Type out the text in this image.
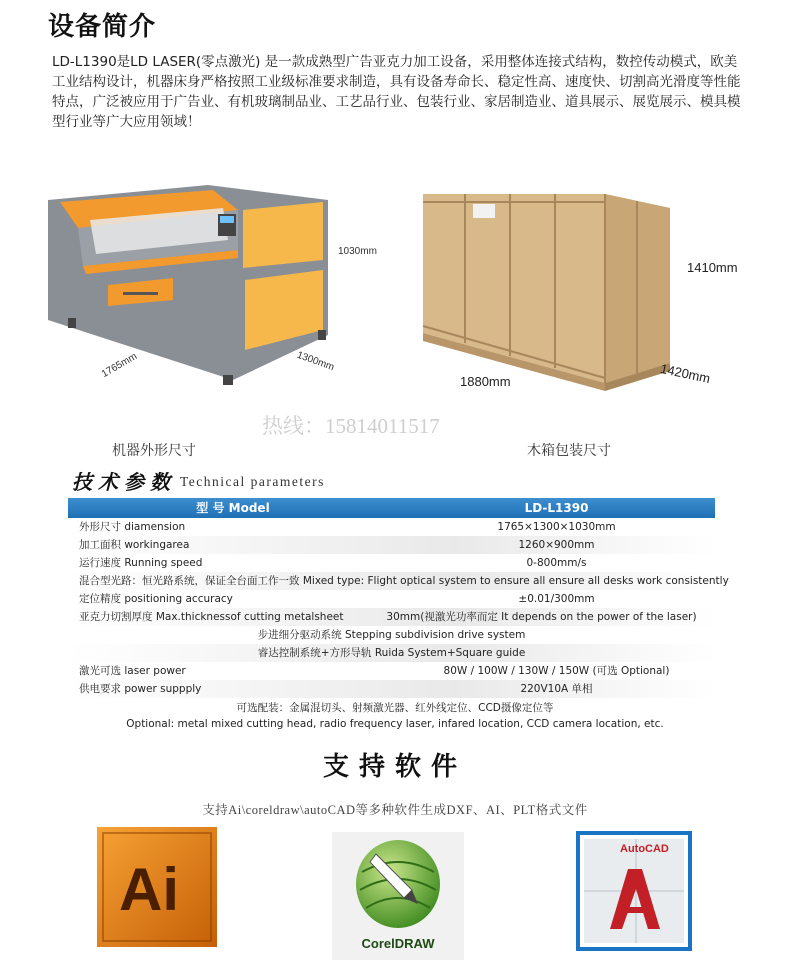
设备简介
LD-L1390是LD LASER(零点激光) 是一款成熟型广告亚克力加工设备，采用整体连接式结构，数控传动模式，欧美工业结构设计，机器床身严格按照工业级标准要求制造，具有设备寿命长、稳定性高、速度快、切割高光滑度等性能特点，广泛被应用于广告业、有机玻璃制品业、工艺品行业、包装行业、家居制造业、道具展示、展览展示、模具模型行业等广大应用领域！
1030mm
1765mm	1300mm
1410mm
1880mm	1420mm
热线：15814011517
机器外形尺寸	木箱包装尺寸
技术参数 Technical parameters
型 号 Model	LD-L1390
外形尺寸 diamension	1765×1300×1030mm
加工面积 workingarea	1260×900mm
运行速度 Running speed	0-800mm/s
混合型光路：恒光路系统，保证全台面工作一致 Mixed type: Flight optical system to ensure all ensure all desks work consistently
定位精度 positioning accuracy	±0.01/300mm
亚克力切割厚度 Max.thicknessof cutting metalsheet	30mm(视激光功率而定 It depends on the power of the laser)
步进细分驱动系统 Stepping subdivision drive system
睿达控制系统+方形导轨 Ruida System+Square guide
激光可选 laser power	80W / 100W / 130W / 150W (可选 Optional)
供电要求 power suppply	220V10A 单相
可选配装：金属混切头、射频激光器、红外线定位、CCD摄像定位等
Optional: metal mixed cutting head, radio frequency laser, infared location, CCD camera location, etc.
支持软件
支持Ai\coreldraw\autoCAD等多种软件生成DXF、AI、PLT格式文件
Ai
CorelDRAW
AutoCAD
